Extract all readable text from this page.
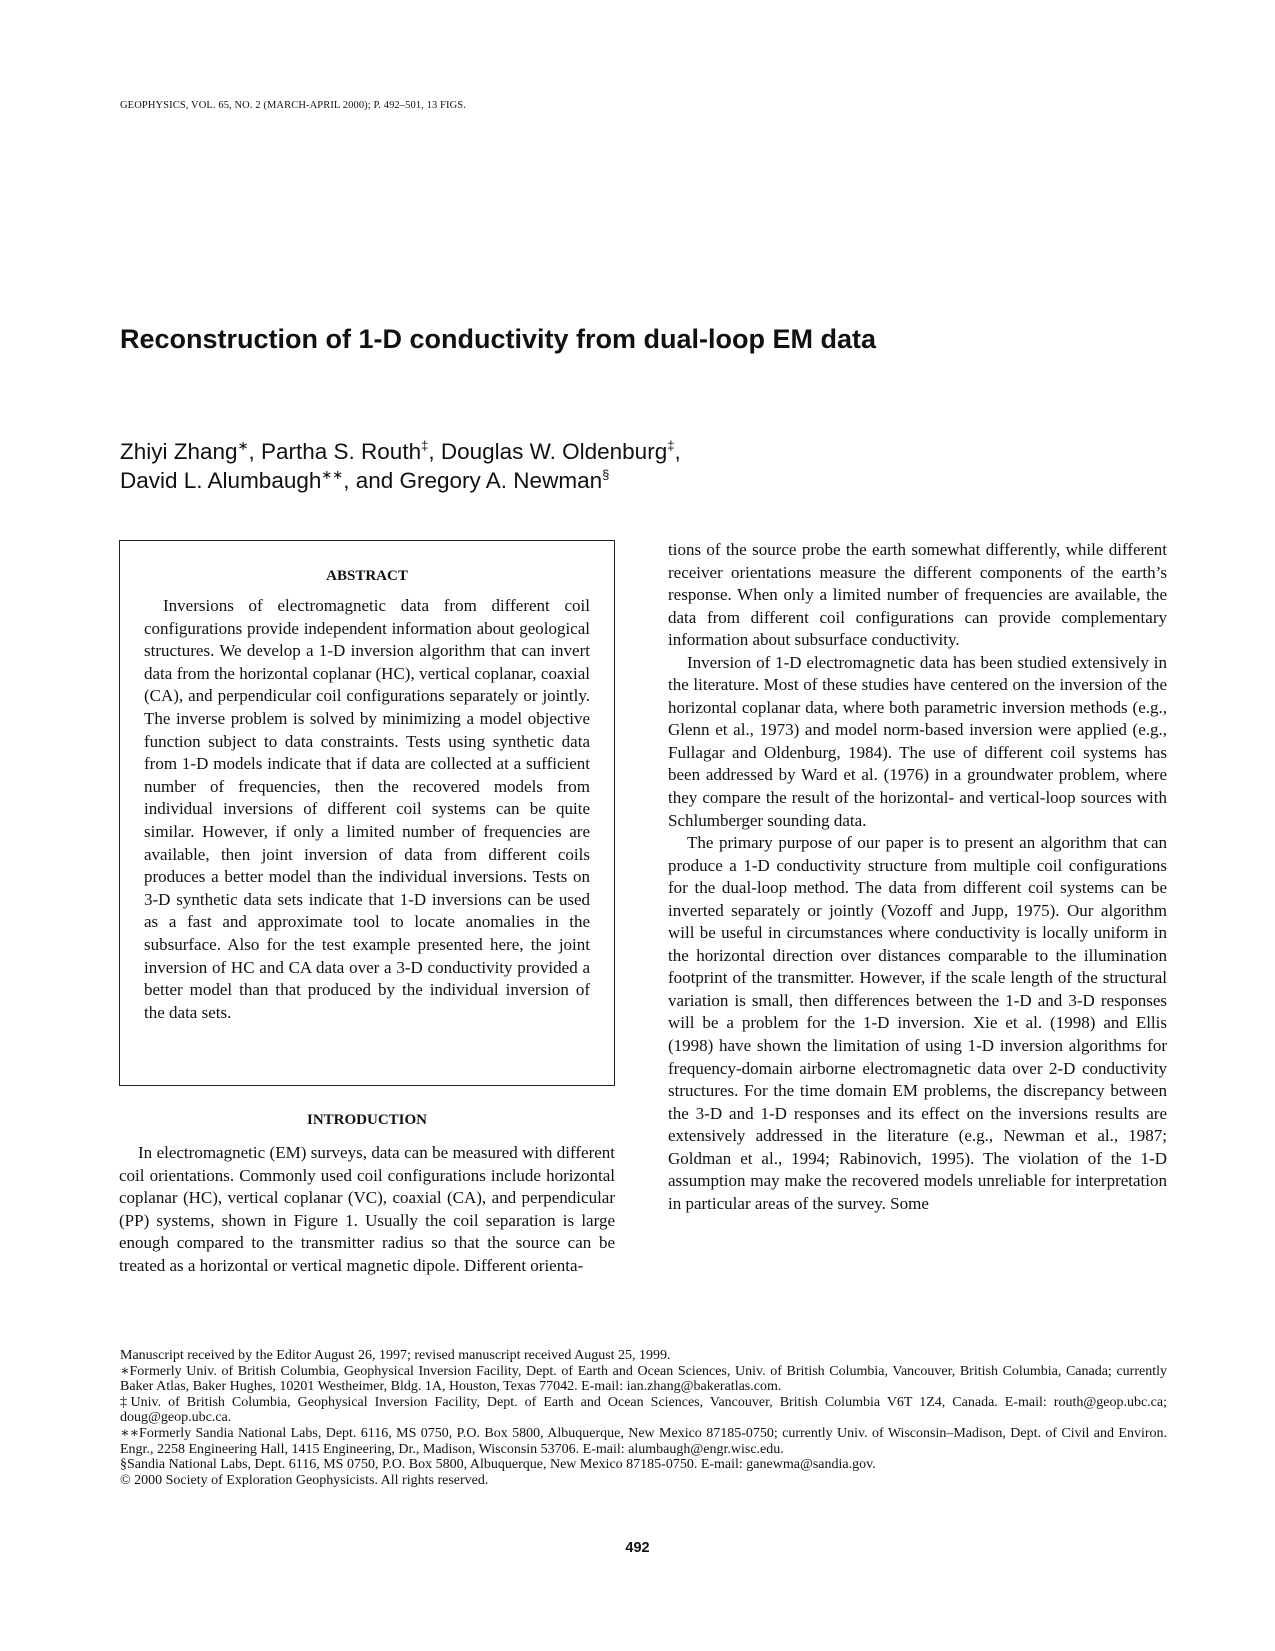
GEOPHYSICS, VOL. 65, NO. 2 (MARCH-APRIL 2000); P. 492–501, 13 FIGS.
Reconstruction of 1-D conductivity from dual-loop EM data
Zhiyi Zhang∗, Partha S. Routh‡, Douglas W. Oldenburg‡,
David L. Alumbaugh∗∗, and Gregory A. Newman§
ABSTRACT

Inversions of electromagnetic data from different coil configurations provide independent information about geological structures. We develop a 1-D inversion algorithm that can invert data from the horizontal coplanar (HC), vertical coplanar, coaxial (CA), and perpendicular coil configurations separately or jointly. The inverse problem is solved by minimizing a model objective function subject to data constraints. Tests using synthetic data from 1-D models indicate that if data are collected at a sufficient number of frequencies, then the recovered models from individual inversions of different coil systems can be quite similar. However, if only a limited number of frequencies are available, then joint inversion of data from different coils produces a better model than the individual inversions. Tests on 3-D synthetic data sets indicate that 1-D inversions can be used as a fast and approximate tool to locate anomalies in the subsurface. Also for the test example presented here, the joint inversion of HC and CA data over a 3-D conductivity provided a better model than that produced by the individual inversion of the data sets.

INTRODUCTION

In electromagnetic (EM) surveys, data can be measured with different coil orientations. Commonly used coil configurations include horizontal coplanar (HC), vertical coplanar (VC), coaxial (CA), and perpendicular (PP) systems, shown in Figure 1. Usually the coil separation is large enough compared to the transmitter radius so that the source can be treated as a horizontal or vertical magnetic dipole. Different orienta-

tions of the source probe the earth somewhat differently, while different receiver orientations measure the different components of the earth’s response. When only a limited number of frequencies are available, the data from different coil configurations can provide complementary information about subsurface conductivity.

Inversion of 1-D electromagnetic data has been studied extensively in the literature. Most of these studies have centered on the inversion of the horizontal coplanar data, where both parametric inversion methods (e.g., Glenn et al., 1973) and model norm-based inversion were applied (e.g., Fullagar and Oldenburg, 1984). The use of different coil systems has been addressed by Ward et al. (1976) in a groundwater problem, where they compare the result of the horizontal- and vertical-loop sources with Schlumberger sounding data.

The primary purpose of our paper is to present an algorithm that can produce a 1-D conductivity structure from multiple coil configurations for the dual-loop method. The data from different coil systems can be inverted separately or jointly (Vozoff and Jupp, 1975). Our algorithm will be useful in circumstances where conductivity is locally uniform in the horizontal direction over distances comparable to the illumination footprint of the transmitter. However, if the scale length of the structural variation is small, then differences between the 1-D and 3-D responses will be a problem for the 1-D inversion. Xie et al. (1998) and Ellis (1998) have shown the limitation of using 1-D inversion algorithms for frequency-domain airborne electromagnetic data over 2-D conductivity structures. For the time domain EM problems, the discrepancy between the 3-D and 1-D responses and its effect on the inversions results are extensively addressed in the literature (e.g., Newman et al., 1987; Goldman et al., 1994; Rabinovich, 1995). The violation of the 1-D assumption may make the recovered models unreliable for interpretation in particular areas of the survey. Some

Manuscript received by the Editor August 26, 1997; revised manuscript received August 25, 1999.

∗Formerly Univ. of British Columbia, Geophysical Inversion Facility, Dept. of Earth and Ocean Sciences, Univ. of British Columbia, Vancouver, British Columbia, Canada; currently Baker Atlas, Baker Hughes, 10201 Westheimer, Bldg. 1A, Houston, Texas 77042. E-mail: ian.zhang@bakeratlas.com.

‡Univ. of British Columbia, Geophysical Inversion Facility, Dept. of Earth and Ocean Sciences, Vancouver, British Columbia V6T 1Z4, Canada. E-mail: routh@geop.ubc.ca; doug@geop.ubc.ca.

∗∗Formerly Sandia National Labs, Dept. 6116, MS 0750, P.O. Box 5800, Albuquerque, New Mexico 87185-0750; currently Univ. of Wisconsin–Madison, Dept. of Civil and Environ. Engr., 2258 Engineering Hall, 1415 Engineering, Dr., Madison, Wisconsin 53706. E-mail: alumbaugh@engr.wisc.edu.

§Sandia National Labs, Dept. 6116, MS 0750, P.O. Box 5800, Albuquerque, New Mexico 87185-0750. E-mail: ganewma@sandia.gov.

© 2000 Society of Exploration Geophysicists. All rights reserved.

492
